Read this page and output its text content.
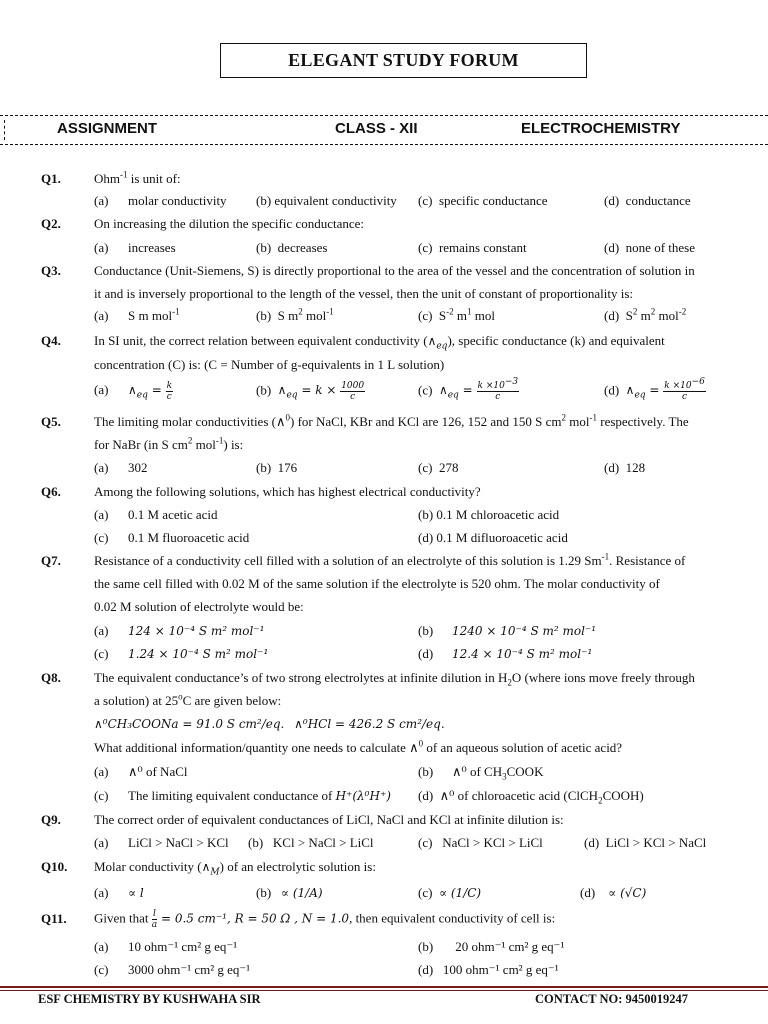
ELEGANT STUDY FORUM
ASSIGNMENT	CLASS - XII	ELECTROCHEMISTRY
Q1.	Ohm$^{-1}$ is unit of:
(a) molar conductivity (b) equivalent conductivity (c)  specific conductance	(d)  conductance
Q2.	On increasing the dilution the specific conductance:
(a) increases	(b)  decreases	(c)  remains constant	(d)  none of these
Q3.	Conductance (Unit-Siemens, S) is directly proportional to the area of the vessel and the concentration of solution in
it and is inversely proportional to the length of the vessel, then the unit of constant of proportionality is:
(a) S m mol$^{-1}$	(b)  S $m^2$ mol$^{-1}$	(c)  $S^{-2}$ $m^1$ mol	(d)  $S^2$ $m^2$ mol$^{-2}$
Q4.	In SI unit, the correct relation between equivalent conductivity $(\wedge_{eq})$, specific conductance (k) and equivalent
concentration (C) is: (C = Number of g-equivalents in 1 L solution)
(a) $\wedge_{eq} = \frac{k}{c}$	(b)  $\wedge_{eq} = k \times \frac{1000}{c}$	(c)  $\wedge_{eq} = \frac{k \times 10^{-3}}{c}$	(d)  $\wedge_{eq} = \frac{k \times 10^{-6}}{c}$
Q5.	The limiting molar conductivities (∧$^0$) for NaCl, KBr and KCl are 126, 152 and 150 S $cm^2$ mol$^{-1}$ respectively. The
for NaBr (in S $cm^2$ mol$^{-1}$) is:
(a) 302	(b)  176	(c)  278	(d)  128
Q6.	Among the following solutions, which has highest electrical conductivity?
(a) 0.1 M acetic acid	(b) 0.1 M chloroacetic acid
(c) 0.1 M fluoroacetic acid	(d) 0.1 M difluoroacetic acid
Q7.	Resistance of a conductivity cell filled with a solution of an electrolyte of this solution is 1.29 $Sm^{-1}$. Resistance of
the same cell filled with 0.02 M of the same solution if the electrolyte is 520 ohm. The molar conductivity of
0.02 M solution of electrolyte would be:
(a) 124 × 10⁻⁴ S m² mol⁻¹	(b) 1240 × 10⁻⁴ S m² mol⁻¹
(c) 1.24 × 10⁻⁴ S m² mol⁻¹	(d) 12.4 × 10⁻⁴ S m² mol⁻¹
Q8.	The equivalent conductance’s of two strong electrolytes at infinite dilution in $H_2O$ (where ions move freely through
a solution) at 25$^o$C are given below:
∧⁰CH₃COONa = 91.0 S cm²/eq. ∧⁰HCl = 426.2 S cm²/eq.
What additional information/quantity one needs to calculate ∧$^0$ of an aqueous solution of acetic acid?
(a) ∧⁰ of NaCl	(b) ∧⁰ of $CH_3COOK$
(c) The limiting equivalent conductance of H⁺(λ⁰H⁺) (d)  ∧⁰ of chloroacetic acid (ClCH$_2$COOH)
Q9.	The correct order of equivalent conductances of LiCl, NaCl and KCl at infinite dilution is:
(a) LiCl > NaCl > KCl (b)   KCl > NaCl > LiCl	(c)   NaCl > KCl > LiCl	(d)  LiCl > KCl > NaCl
Q10. Molar conductivity $(\wedge_M)$ of an electrolytic solution is:
(a) ∝ l	(b)   ∝ (1/A)	(c)  ∝ (1/C)	(d)    ∝ (√C)
Q11. Given that $\frac{l}{a} = 0.5$ cm⁻¹, R = 50 Ω , N = 1.0, then equivalent conductivity of cell is:
(a) 10 ohm⁻¹ cm² g eq⁻¹	(b) 20 ohm⁻¹ cm² g eq⁻¹
(c) 3000 ohm⁻¹ cm² g eq⁻¹	(d)   100 ohm⁻¹ cm² g eq⁻¹
ESF CHEMISTRY BY KUSHWAHA SIR	CONTACT NO: 9450019247
